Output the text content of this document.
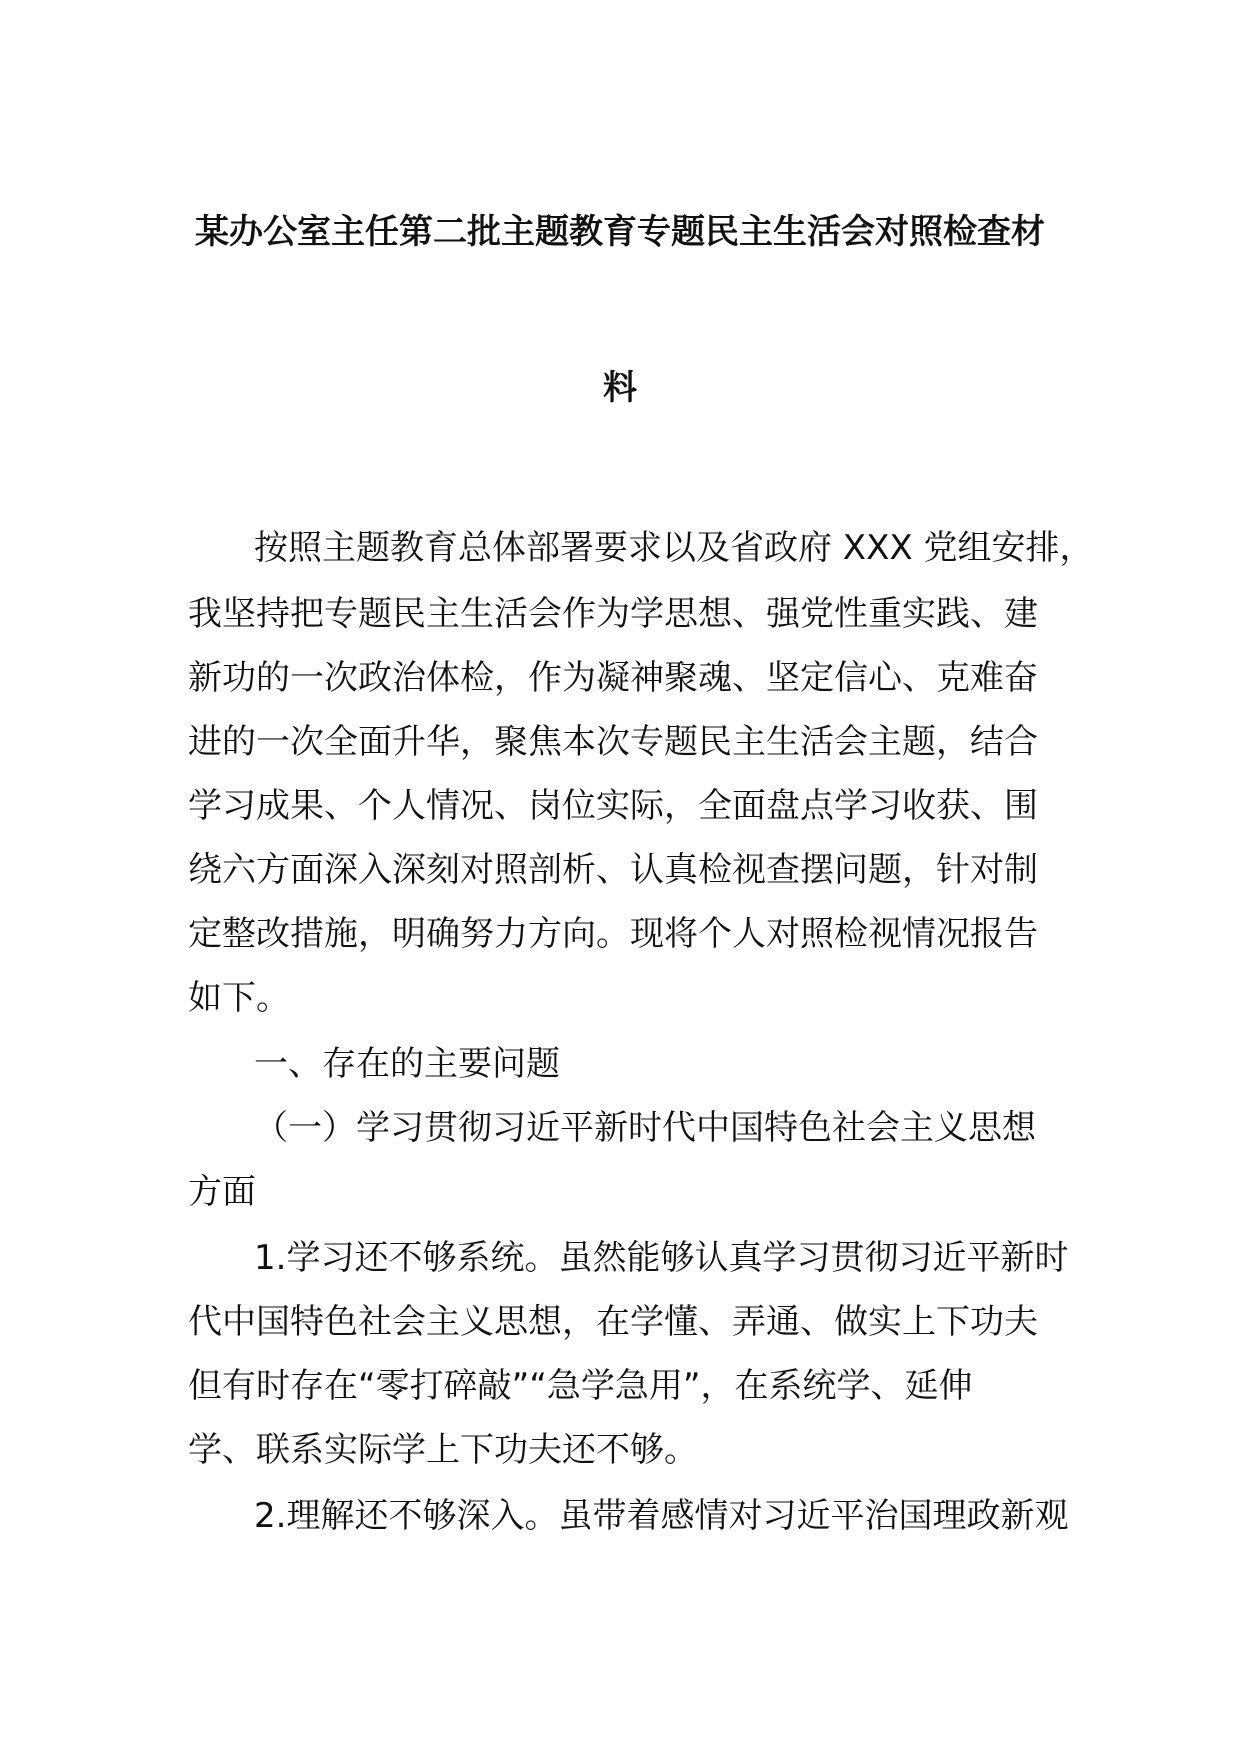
某办公室主任第二批主题教育专题民主生活会对照检查材
料
按照主题教育总体部署要求以及省政府 XXX 党组安排，
我坚持把专题民主生活会作为学思想、强党性重实践、建
新功的一次政治体检，作为凝神聚魂、坚定信心、克难奋
进的一次全面升华，聚焦本次专题民主生活会主题，结合
学习成果、个人情况、岗位实际，全面盘点学习收获、围
绕六方面深入深刻对照剖析、认真检视查摆问题，针对制
定整改措施，明确努力方向。现将个人对照检视情况报告
如下。
一、存在的主要问题
（一）学习贯彻习近平新时代中国特色社会主义思想
方面
1.学习还不够系统。虽然能够认真学习贯彻习近平新时
代中国特色社会主义思想，在学懂、弄通、做实上下功夫
但有时存在“零打碎敲”“急学急用”，在系统学、延伸
学、联系实际学上下功夫还不够。
2.理解还不够深入。虽带着感情对习近平治国理政新观
